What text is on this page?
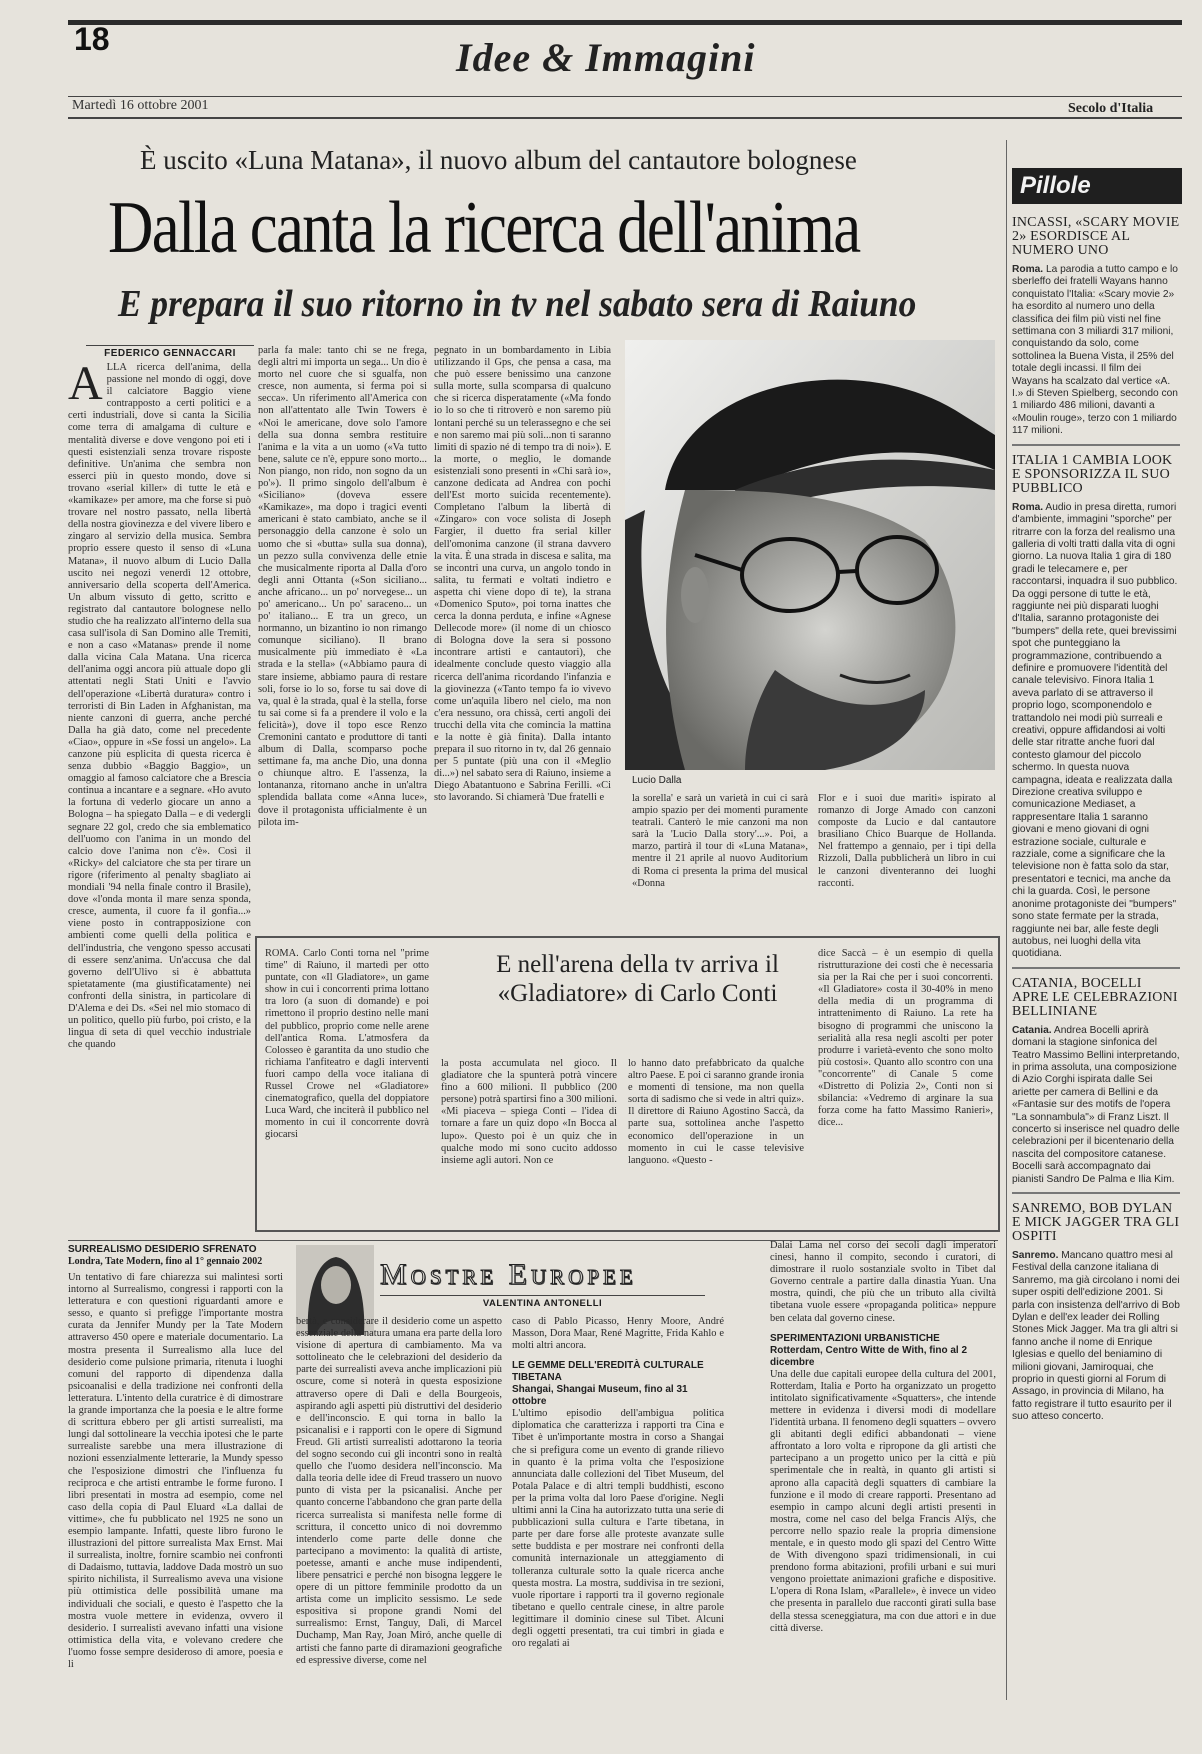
18	Idee & Immagini
Martedì 16 ottobre 2001	Secolo d'Italia
È uscito «Luna Matana», il nuovo album del cantautore bolognese
Dalla canta la ricerca dell'anima
E prepara il suo ritorno in tv nel sabato sera di Raiuno
FEDERICO GENNACCARI
A LLA ricerca dell'anima, della passione nel mondo di oggi, dove il calciatore Baggio viene contrapposto a certi politici e a certi industriali, dove si canta la Sicilia come terra di amalgama di culture e mentalità diverse e dove vengono poi eti i questi esistenziali senza trovare risposte definitive. Un'anima che sembra non esserci più in questo mondo, dove si trovano «serial killer» di tutte le età e «kamikaze» per amore, ma che forse si può trovare nel nostro passato, nella libertà della nostra giovinezza e del vivere libero e zingaro al servizio della musica. Sembra proprio essere questo il senso di «Luna Matana», il nuovo album di Lucio Dalla uscito nei negozi venerdì 12 ottobre, anniversario della scoperta dell'America. Un album vissuto di getto, scritto e registrato dal cantautore bolognese nello studio che ha realizzato all'interno della sua casa sull'isola di San Domino alle Tremiti, e non a caso «Matanas» prende il nome dalla vicina Cala Matana. Una ricerca dell'anima oggi ancora più attuale dopo gli attentati negli Stati Uniti e l'avvio dell'operazione «Libertà duratura» contro i terroristi di Bin Laden in Afghanistan, ma niente canzoni di guerra, anche perché Dalla ha già dato, come nel precedente «Ciao», oppure in «Se fossi un angelo». La canzone più esplicita di questa ricerca è senza dubbio «Baggio Baggio», un omaggio al famoso calciatore che a Brescia continua a incantare e a segnare. «Ho avuto la fortuna di vederlo giocare un anno a Bologna – ha spiegato Dalla – e di vedergli segnare 22 gol, credo che sia emblematico dell'uomo con l'anima in un mondo del calcio dove l'anima non c'è». Così il «Ricky» del calciatore che sta per tirare un rigore (riferimento al penalty sbagliato ai mondiali '94 nella finale contro il Brasile), dove «l'onda monta il mare senza sponda, cresce, aumenta, il cuore fa il gonfia...» viene posto in contrapposizione con ambienti come quelli della politica e dell'industria, che vengono spesso accusati di essere senz'anima. Un'accusa che dal governo dell'Ulivo si è abbattuta spietatamente (ma giustificatamente) nei confronti della sinistra, in particolare di D'Alema e dei Ds. «Sei nel mio stomaco di un politico, quello più furbo, poi cristo, e la lingua di seta di quel vecchio industriale che quando
parla fa male: tanto chi se ne frega, degli altri mi importa un sega... Un dio è morto nel cuore che si sgualfa, non cresce, non aumenta, si ferma poi si secca». Un riferimento all'America con non all'attentato alle Twin Towers è «Noi le americane, dove solo l'amore della sua donna sembra restituire l'anima e la vita a un uomo («Va tutto bene, salute ce n'è, eppure sono morto... Non piango, non rido, non sogno da un po'»). Il primo singolo dell'album è «Siciliano» (doveva essere «Kamikaze», ma dopo i tragici eventi americani è stato cambiato, anche se il personaggio della canzone è solo un uomo che si «butta» sulla sua donna), un pezzo sulla convivenza delle etnie che musicalmente riporta al Dalla d'oro degli anni Ottanta («Son siciliano... anche africano... un po' norvegese... un po' americano... Un po' saraceno... un po' italiano... E tra un greco, un normanno, un bizantino io non rimango comunque siciliano). Il brano musicalmente più immediato è «La strada e la stella» («Abbiamo paura di stare insieme, abbiamo paura di restare soli, forse io lo so, forse tu sai dove di va, qual è la strada, qual è la stella, forse tu sai come si fa a prendere il volo e la felicità»), dove il topo esce Renzo Cremonini cantato e produttore di tanti album di Dalla, scomparso poche settimane fa, ma anche Dio, una donna o chiunque altro. E l'assenza, la lontananza, ritornano anche in un'altra splendida ballata come «Anna luce», dove il protagonista ufficialmente è un pilota im-
pegnato in un bombardamento in Libia utilizzando il Gps, che pensa a casa, ma che può essere benissimo una canzone sulla morte, sulla scomparsa di qualcuno che si ricerca disperatamente («Ma fondo io lo so che ti ritroverò e non saremo più lontani perché su un telerassegno e che sei e non saremo mai più soli...non ti saranno limiti di spazio né di tempo tra di noi»). E la morte, o meglio, le domande esistenziali sono presenti in «Chi sarà io», canzone dedicata ad Andrea con pochi dell'Est morto suicida recentemente). Completano l'album la libertà di «Zingaro» con voce solista di Joseph Fargier, il duetto fra serial killer dell'omonima canzone (il strana davvero la vita. È una strada in discesa e salita, ma se incontri una curva, un angolo tondo in salita, tu fermati e voltati indietro e aspetta chi viene dopo di te), la strana «Domenico Sputo», poi torna inattes che cerca la donna perduta, e infine «Agnese Dellecode more» (il nome di un chiosco di Bologna dove la sera si possono incontrare artisti e cantautori), che idealmente conclude questo viaggio alla ricerca dell'anima ricordando l'infanzia e la giovinezza («Tanto tempo fa io vivevo come un'aquila libero nel cielo, ma non c'era nessuno, ora chissà, certi angoli dei trucchi della vita che comincia la mattina e la notte è già finita). Dalla intanto prepara il suo ritorno in tv, dal 26 gennaio per 5 puntate (più una con il «Meglio di...») nel sabato sera di Raiuno, insieme a Diego Abatantuono e Sabrina Ferilli. «Ci sto lavorando. Si chiamerà 'Due fratelli e
Lucio Dalla
la sorella' e sarà un varietà in cui ci sarà ampio spazio per dei momenti puramente teatrali. Canterò le mie canzoni ma non sarà la 'Lucio Dalla story'...». Poi, a marzo, partirà il tour di «Luna Matana», mentre il 21 aprile al nuovo Auditorium di Roma ci presenta la prima del musical «Donna
Flor e i suoi due mariti» ispirato al romanzo di Jorge Amado con canzoni composte da Lucio e dal cantautore brasiliano Chico Buarque de Hollanda. Nel frattempo a gennaio, per i tipi della Rizzoli, Dalla pubblicherà un libro in cui le canzoni diventeranno dei luoghi racconti.
ROMA. Carlo Conti torna nel "prime time" di Raiuno, il martedì per otto puntate, con «Il Gladiatore», un game show in cui i concorrenti prima lottano tra loro (a suon di domande) e poi rimettono il proprio destino nelle mani del pubblico, proprio come nelle arene dell'antica Roma. L'atmosfera da Colosseo è garantita da uno studio che richiama l'anfiteatro e dagli interventi fuori campo della voce italiana di Russel Crowe nel «Gladiatore» cinematografico, quella del doppiatore Luca Ward, che inciterà il pubblico nel momento in cui il concorrente dovrà giocarsi
E nell'arena della tv arriva il «Gladiatore» di Carlo Conti
la posta accumulata nel gioco. Il gladiatore che la spunterà potrà vincere fino a 600 milioni. Il pubblico (200 persone) potrà spartirsi fino a 300 milioni. «Mi piaceva – spiega Conti – l'idea di tornare a fare un quiz dopo «In Bocca al lupo». Questo poi è un quiz che in qualche modo mi sono cucito addosso insieme agli autori. Non ce
lo hanno dato prefabbricato da qualche altro Paese. E poi ci saranno grande ironia e momenti di tensione, ma non quella sorta di sadismo che si vede in altri quiz». Il direttore di Raiuno Agostino Saccà, da parte sua, sottolinea anche l'aspetto economico dell'operazione in un momento in cui le casse televisive languono. «Questo -
dice Saccà – è un esempio di quella ristrutturazione dei costi che è necessaria sia per la Rai che per i suoi concorrenti. «Il Gladiatore» costa il 30-40% in meno della media di un programma di intrattenimento di Raiuno. La rete ha bisogno di programmi che uniscono la serialità alla resa negli ascolti per poter produrre i varietà-evento che sono molto più costosi». Quanto allo scontro con una "concorrente" di Canale 5 come «Distretto di Polizia 2», Conti non si sbilancia: «Vedremo di arginare la sua forza come ha fatto Massimo Ranieri», dice...
SURREALISMO DESIDERIO SFRENATO
Londra, Tate Modern, fino al 1° gennaio 2002
Un tentativo di fare chiarezza sui malintesi sorti intorno al Surrealismo, congressi i rapporti con la letteratura e con questioni riguardanti amore e sesso, e quanto si prefigge l'importante mostra curata da Jennifer Mundy per la Tate Modern attraverso 450 opere e materiale documentario. La mostra presenta il Surrealismo alla luce del desiderio come pulsione primaria, ritenuta i luoghi comuni del rapporto di dipendenza dalla psicoanalisi e della tradizione nei confronti della letteratura. L'intento della curatrice è di dimostrare la grande importanza che la poesia e le altre forme di scrittura ebbero per gli artisti surrealisti, ma lungi dal sottolineare la vecchia ipotesi che le parte surrealiste sarebbe una mera illustrazione di nozioni essenzialmente letterarie, la Mundy spesso che l'esposizione dimostri che l'influenza fu reciproca e che artisti entrambe le forme furono. I libri presentati in mostra ad esempio, come nel caso della copia di Paul Eluard «La dallai de vittime», che fu pubblicato nel 1925 ne sono un esempio lampante. Infatti, queste libro furono le illustrazioni del pittore surrealista Max Ernst. Mai il surrealista, inoltre, fornire scambio nei confronti di Dadaismo, tuttavia, laddove Dada mostrò un suo spirito nichilista, il Surrealismo aveva una visione più ottimistica delle possibilità umane ma individuali che sociali, e questo è l'aspetto che la mostra vuole mettere in evidenza, ovvero il desiderio. I surrealisti avevano infatti una visione ottimistica della vita, e volevano credere che l'uomo fosse sempre desideroso di amore, poesia e li
Mostre Europee
VALENTINA ANTONELLI
bertà, e considerare il desiderio come un aspetto essenziale della natura umana era parte della loro visione di apertura di cambiamento. Ma va sottolineato che le celebrazioni del desiderio da parte dei surrealisti aveva anche implicazioni più oscure, come si noterà in questa esposizione attraverso opere di Dalì e della Bourgeois, aspirando agli aspetti più distruttivi del desiderio e dell'inconscio. E qui torna in ballo la psicanalisi e i rapporti con le opere di Sigmund Freud. Gli artisti surrealisti adottarono la teoria del sogno secondo cui gli incontri sono in realtà quello che l'uomo desidera nell'inconscio. Ma dalla teoria delle idee di Freud trassero un nuovo punto di vista per la psicanalisi. Anche per quanto concerne l'abbandono che gran parte della ricerca surrealista si manifesta nelle forme di scrittura, il concetto unico di noi dovremmo intenderlo come parte delle donne che partecipano a movimento: la qualità di artiste, poetesse, amanti e anche muse indipendenti, libere pensatrici e perché non bisogna leggere le opere di un pittore femminile prodotto da un artista come un implicito sessismo. Le sede espositiva si propone grandi Nomi del surrealismo: Ernst, Tanguy, Dalì, di Marcel Duchamp, Man Ray, Joan Miró, anche quelle di artisti che fanno parte di diramazioni geografiche ed espressive diverse, come nel
caso di Pablo Picasso, Henry Moore, André Masson, Dora Maar, René Magritte, Frida Kahlo e molti altri ancora.
LE GEMME DELL'EREDITÀ CULTURALE TIBETANA
Shangai, Shangai Museum, fino al 31 ottobre
L'ultimo episodio dell'ambigua politica diplomatica che caratterizza i rapporti tra Cina e Tibet è un'importante mostra in corso a Shangai che si prefigura come un evento di grande rilievo in quanto è la prima volta che l'esposizione annunciata dalle collezioni del Tibet Museum, del Potala Palace e di altri templi buddhisti, escono per la prima volta dal loro Paese d'origine. Negli ultimi anni la Cina ha autorizzato tutta una serie di pubblicazioni sulla cultura e l'arte tibetana, in parte per dare forse alle proteste avanzate sulle sette buddista e per mostrare nei confronti della comunità internazionale un atteggiamento di tolleranza culturale sotto la quale ricerca anche questa mostra. La mostra, suddivisa in tre sezioni, vuole riportare i rapporti tra il governo regionale tibetano e quello centrale cinese, in altre parole legittimare il dominio cinese sul Tibet. Alcuni degli oggetti presentati, tra cui timbri in giada e oro regalati ai
Dalai Lama nel corso dei secoli dagli imperatori cinesi, hanno il compito, secondo i curatori, di dimostrare il ruolo sostanziale svolto in Tibet dal Governo centrale a partire dalla dinastia Yuan. Una mostra, quindi, che più che un tributo alla civiltà tibetana vuole essere «propaganda politica» neppure ben celata dal governo cinese.
SPERIMENTAZIONI URBANISTICHE
Rotterdam, Centro Witte de With, fino al 2 dicembre
Una delle due capitali europee della cultura del 2001, Rotterdam, Italia e Porto ha organizzato un progetto intitolato significativamente «Squatters», che intende mettere in evidenza i diversi modi di modellare l'identità urbana. Il fenomeno degli squatters – ovvero gli abitanti degli edifici abbandonati – viene affrontato a loro volta e ripropone da gli artisti che partecipano a un progetto unico per la città e più sperimentale che in realtà, in quanto gli artisti si aprono alla capacità degli squatters di cambiare la funzione e il modo di creare rapporti. Presentano ad esempio in campo alcuni degli artisti presenti in mostra, come nel caso del belga Francis Alÿs, che percorre nello spazio reale la propria dimensione mentale, e in questo modo gli spazi del Centro Witte de With divengono spazi tridimensionali, in cui prendono forma abitazioni, profili urbani e sui muri vengono proiettate animazioni grafiche e dispositive. L'opera di Rona Islam, «Parallele», è invece un video che presenta in parallelo due racconti girati sulla base della stessa sceneggiatura, ma con due attori e in due città diverse.
Pillole
INCASSI, «SCARY MOVIE 2» ESORDISCE AL NUMERO UNO
Roma. La parodia a tutto campo e lo sberleffo dei fratelli Wayans hanno conquistato l'Italia: «Scary movie 2» ha esordito al numero uno della classifica dei film più visti nel fine settimana con 3 miliardi 317 milioni, conquistando da solo, come sottolinea la Buena Vista, il 25% del totale degli incassi. Il film dei Wayans ha scalzato dal vertice «A. I.» di Steven Spielberg, secondo con 1 miliardo 486 milioni, davanti a «Moulin rouge», terzo con 1 miliardo 117 milioni.
ITALIA 1 CAMBIA LOOK E SPONSORIZZA IL SUO PUBBLICO
Roma. Audio in presa diretta, rumori d'ambiente, immagini "sporche" per ritrarre con la forza del realismo una galleria di volti tratti dalla vita di ogni giorno. La nuova Italia 1 gira di 180 gradi le telecamere e, per raccontarsi, inquadra il suo pubblico. Da oggi persone di tutte le età, raggiunte nei più disparati luoghi d'Italia, saranno protagoniste dei "bumpers" della rete, quei brevissimi spot che punteggiano la programmazione, contribuendo a definire e promuovere l'identità del canale televisivo. Finora Italia 1 aveva parlato di se attraverso il proprio logo, scomponendolo e trattandolo nei modi più surreali e creativi, oppure affidandosi ai volti delle star ritratte anche fuori dal contesto glamour del piccolo schermo. In questa nuova campagna, ideata e realizzata dalla Direzione creativa sviluppo e comunicazione Mediaset, a rappresentare Italia 1 saranno giovani e meno giovani di ogni estrazione sociale, culturale e razziale, come a significare che la televisione non è fatta solo da star, presentatori e tecnici, ma anche da chi la guarda. Così, le persone anonime protagoniste dei "bumpers" sono state fermate per la strada, raggiunte nei bar, alle feste degli autobus, nei luoghi della vita quotidiana.
CATANIA, BOCELLI APRE LE CELEBRAZIONI BELLINIANE
Catania. Andrea Bocelli aprirà domani la stagione sinfonica del Teatro Massimo Bellini interpretando, in prima assoluta, una composizione di Azio Corghi ispirata dalle Sei ariette per camera di Bellini e da «Fantasie sur des motifs de l'opera "La sonnambula"» di Franz Liszt. Il concerto si inserisce nel quadro delle celebrazioni per il bicentenario della nascita del compositore catanese. Bocelli sarà accompagnato dai pianisti Sandro De Palma e Ilia Kim.
SANREMO, BOB DYLAN E MICK JAGGER TRA GLI OSPITI
Sanremo. Mancano quattro mesi al Festival della canzone italiana di Sanremo, ma già circolano i nomi dei super ospiti dell'edizione 2001. Si parla con insistenza dell'arrivo di Bob Dylan e dell'ex leader dei Rolling Stones Mick Jagger. Ma tra gli altri si fanno anche il nome di Enrique Iglesias e quello del beniamino di milioni giovani, Jamiroquai, che proprio in questi giorni al Forum di Assago, in provincia di Milano, ha fatto registrare il tutto esaurito per il suo atteso concerto.
